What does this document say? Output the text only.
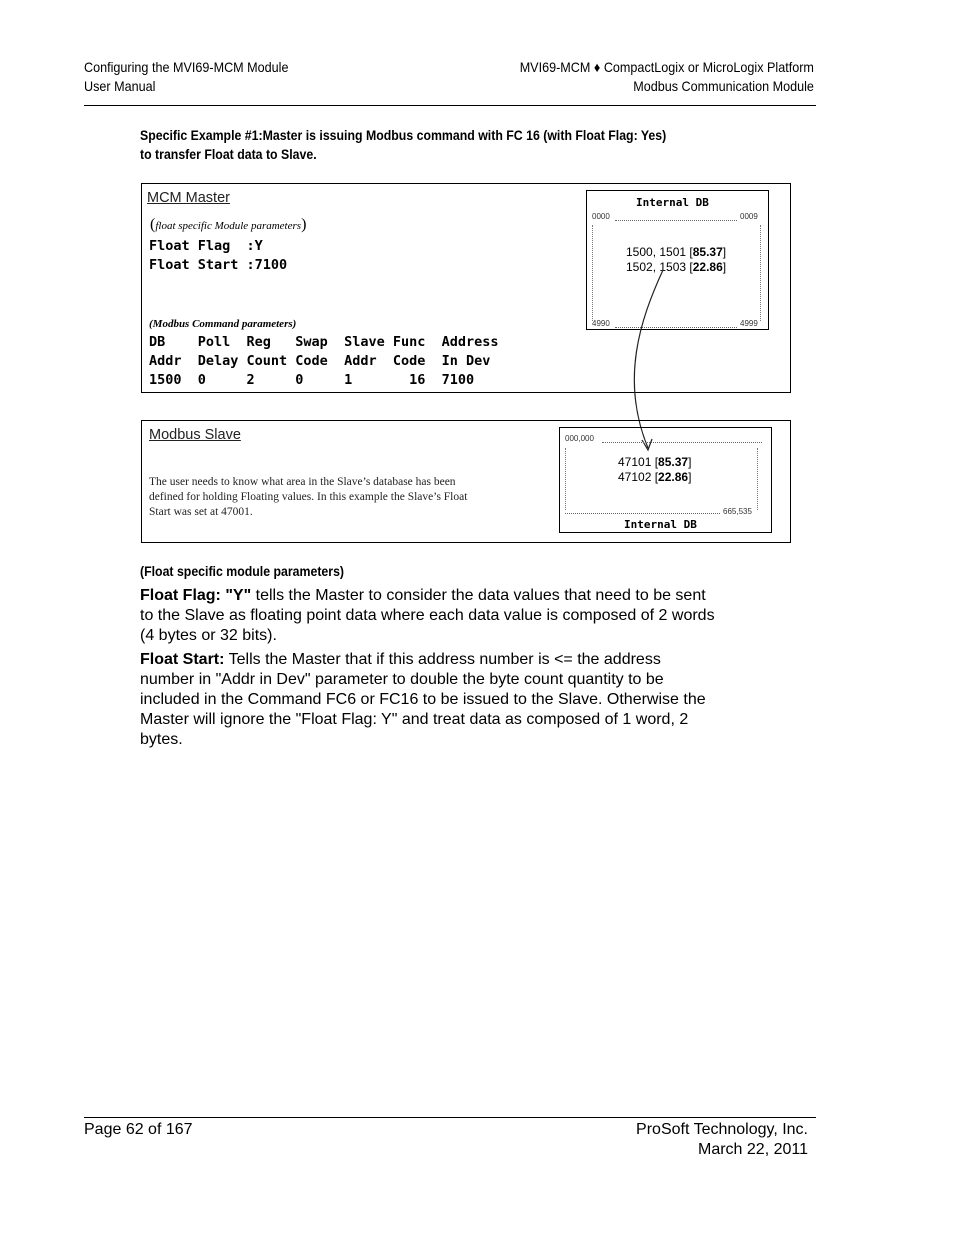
Configuring the MVI69-MCM Module
User Manual
MVI69-MCM ♦ CompactLogix or MicroLogix Platform
Modbus Communication Module
Specific Example #1:Master is issuing Modbus command with FC 16 (with Float Flag: Yes)
to transfer Float data to Slave.
MCM Master
(float specific Module parameters)
Float Flag  :Y
Float Start :7100
(Modbus Command parameters)
DB    Poll  Reg   Swap  Slave Func  Address
Addr  Delay Count Code  Addr  Code  In Dev
1500  0     2     0     1       16  7100
Internal DB
0000	0009
1500, 1501 [85.37]
1502, 1503 [22.86]
4990	4999
Modbus Slave
The user needs to know what area in the Slave’s database has been
defined for holding Floating values. In this example the Slave’s Float
Start was set at 47001.
000,000
47101 [85.37]
47102 [22.86]
665,535
Internal DB
(Float specific module parameters)
Float Flag: "Y" tells the Master to consider the data values that need to be sent
to the Slave as floating point data where each data value is composed of 2 words
(4 bytes or 32 bits).
Float Start: Tells the Master that if this address number is <= the address
number in "Addr in Dev" parameter to double the byte count quantity to be
included in the Command FC6 or FC16 to be issued to the Slave. Otherwise the
Master will ignore the "Float Flag: Y" and treat data as composed of 1 word, 2
bytes.
Page 62 of 167	ProSoft Technology, Inc.
March 22, 2011
